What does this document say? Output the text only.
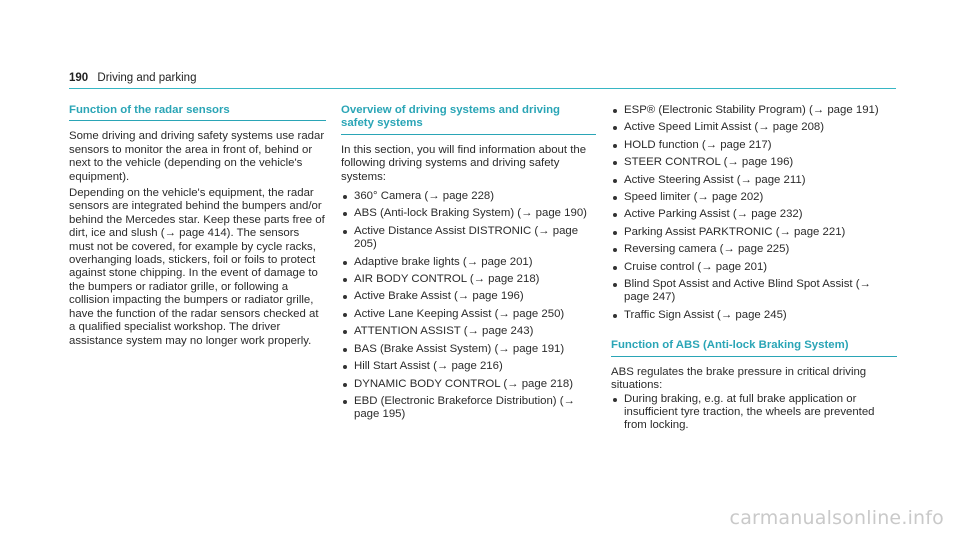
190 Driving and parking
Function of the radar sensors

Some driving and driving safety systems use radar sensors to monitor the area in front of, behind or next to the vehicle (depending on the vehicle's equipment).

Depending on the vehicle's equipment, the radar sensors are integrated behind the bumpers and/or behind the Mercedes star. Keep these parts free of dirt, ice and slush (→ page 414). The sensors must not be covered, for example by cycle racks, overhanging loads, stickers, foil or foils to protect against stone chipping. In the event of damage to the bumpers or radiator grille, or following a collision impacting the bumpers or radiator grille, have the function of the radar sensors checked at a qualified specialist workshop. The driver assistance system may no longer work properly.

Overview of driving systems and driving safety systems

In this section, you will find information about the following driving systems and driving safety systems:

360° Camera (→ page 228)
ABS (Anti-lock Braking System) (→ page 190)
Active Distance Assist DISTRONIC (→ page 205)
Adaptive brake lights (→ page 201)
AIR BODY CONTROL (→ page 218)
Active Brake Assist (→ page 196)
Active Lane Keeping Assist (→ page 250)
ATTENTION ASSIST (→ page 243)
BAS (Brake Assist System) (→ page 191)
Hill Start Assist (→ page 216)
DYNAMIC BODY CONTROL (→ page 218)
EBD (Electronic Brakeforce Distribution) (→ page 195)
ESP® (Electronic Stability Program) (→ page 191)
Active Speed Limit Assist (→ page 208)
HOLD function (→ page 217)
STEER CONTROL (→ page 196)
Active Steering Assist (→ page 211)
Speed limiter (→ page 202)
Active Parking Assist (→ page 232)
Parking Assist PARKTRONIC (→ page 221)
Reversing camera (→ page 225)
Cruise control (→ page 201)
Blind Spot Assist and Active Blind Spot Assist (→ page 247)
Traffic Sign Assist (→ page 245)
Function of ABS (Anti-lock Braking System)

ABS regulates the brake pressure in critical driving situations:

During braking, e.g. at full brake application or insufficient tyre traction, the wheels are prevented from locking.
carmanualsonline.info
